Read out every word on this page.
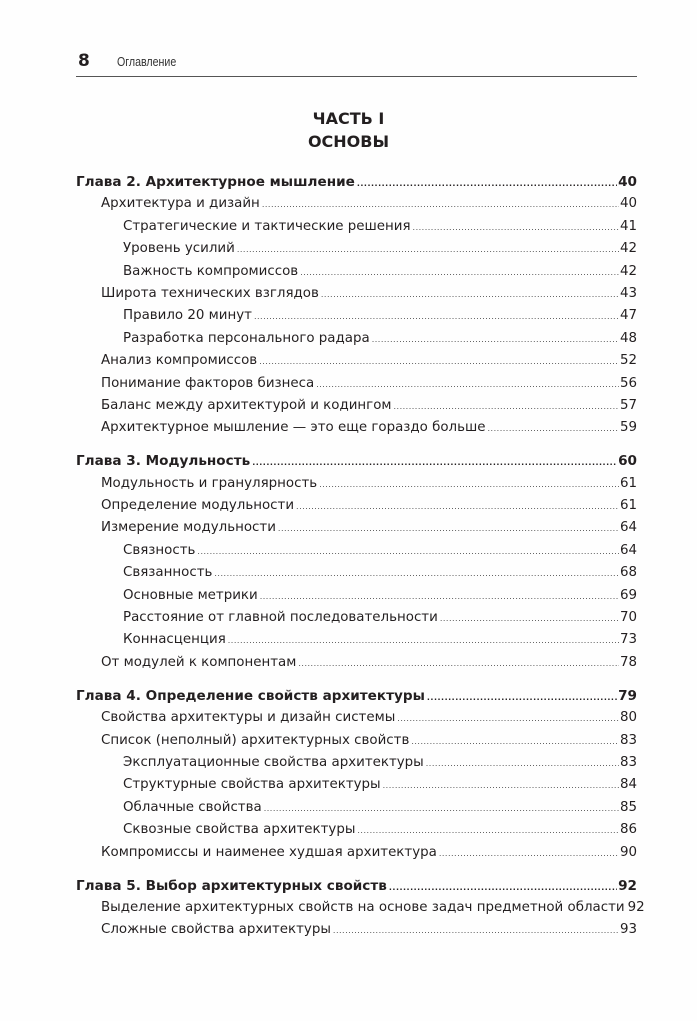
8 Оглавление
ЧАСТЬ I
ОСНОВЫ
Глава 2. Архитектурное мышление .....	40
Архитектура и дизайн .....	40
Стратегические и тактические решения .....	41
Уровень усилий .....	42
Важность компромиссов .....	42
Широта технических взглядов .....	43
Правило 20 минут .....	47
Разработка персонального радара .....	48
Анализ компромиссов .....	52
Понимание факторов бизнеса .....	56
Баланс между архитектурой и кодингом .....	57
Архитектурное мышление — это еще гораздо больше .....	59
Глава 3. Модульность .....	60
Модульность и гранулярность .....	61
Определение модульности .....	61
Измерение модульности .....	64
Связность .....	64
Связанность .....	68
Основные метрики .....	69
Расстояние от главной последовательности .....	70
Коннасценция .....	73
От модулей к компонентам .....	78
Глава 4. Определение свойств архитектуры .....	79
Свойства архитектуры и дизайн системы .....	80
Список (неполный) архитектурных свойств .....	83
Эксплуатационные свойства архитектуры .....	83
Структурные свойства архитектуры .....	84
Облачные свойства .....	85
Сквозные свойства архитектуры .....	86
Компромиссы и наименее худшая архитектура .....	90
Глава 5. Выбор архитектурных свойств .....	92
Выделение архитектурных свойств на основе задач предметной области 92
Сложные свойства архитектуры .....	93
